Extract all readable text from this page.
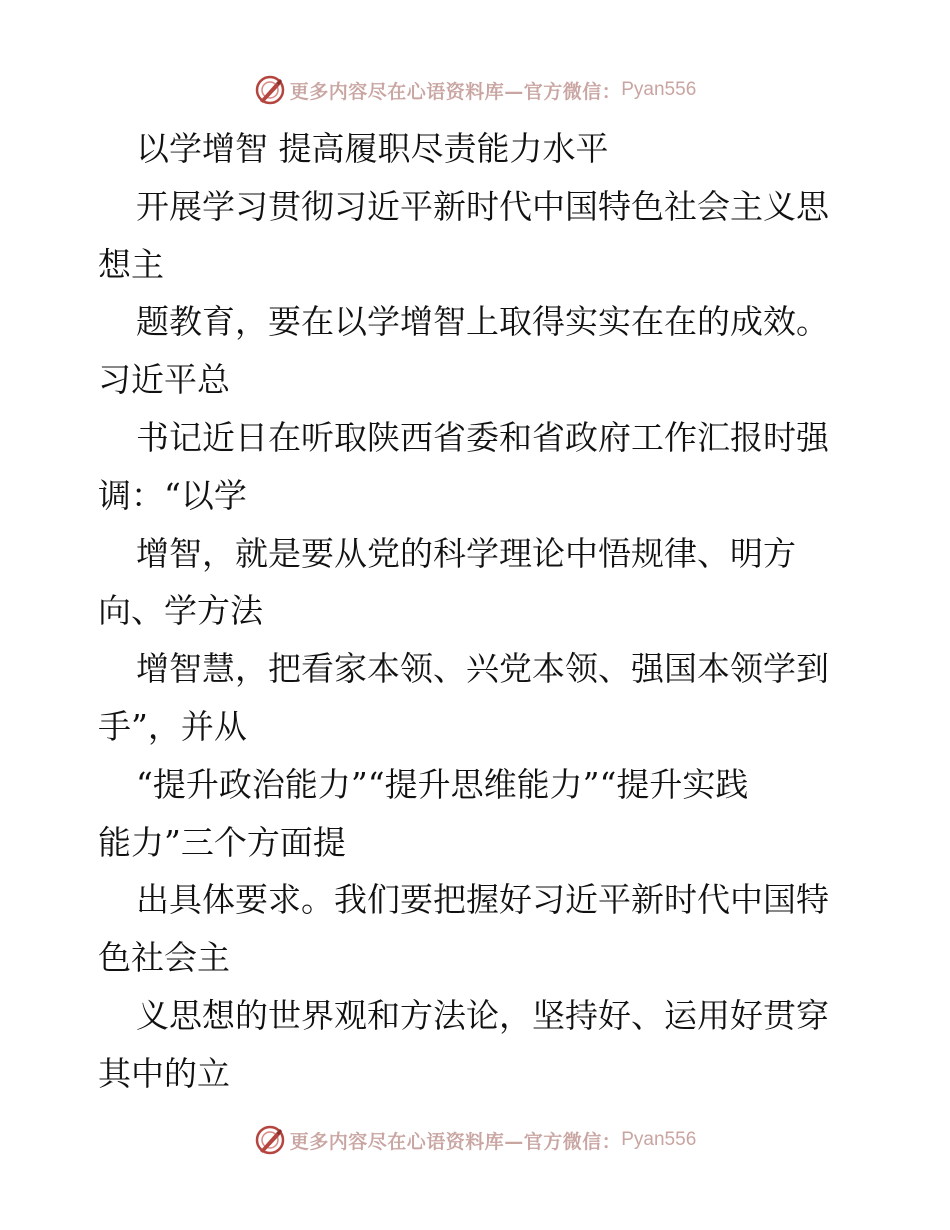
更多内容尽在心语资料库—官方微信： Pyan556
以学增智 提高履职尽责能力水平
开展学习贯彻习近平新时代中国特色社会主义思
想主
题教育，要在以学增智上取得实实在在的成效。
习近平总
书记近日在听取陕西省委和省政府工作汇报时强
调：“以学
增智，就是要从党的科学理论中悟规律、明方
向、学方法
增智慧，把看家本领、兴党本领、强国本领学到
手”，并从
“提升政治能力”“提升思维能力”“提升实践
能力”三个方面提
出具体要求。我们要把握好习近平新时代中国特
色社会主
义思想的世界观和方法论，坚持好、运用好贯穿
其中的立
更多内容尽在心语资料库—官方微信： Pyan556
